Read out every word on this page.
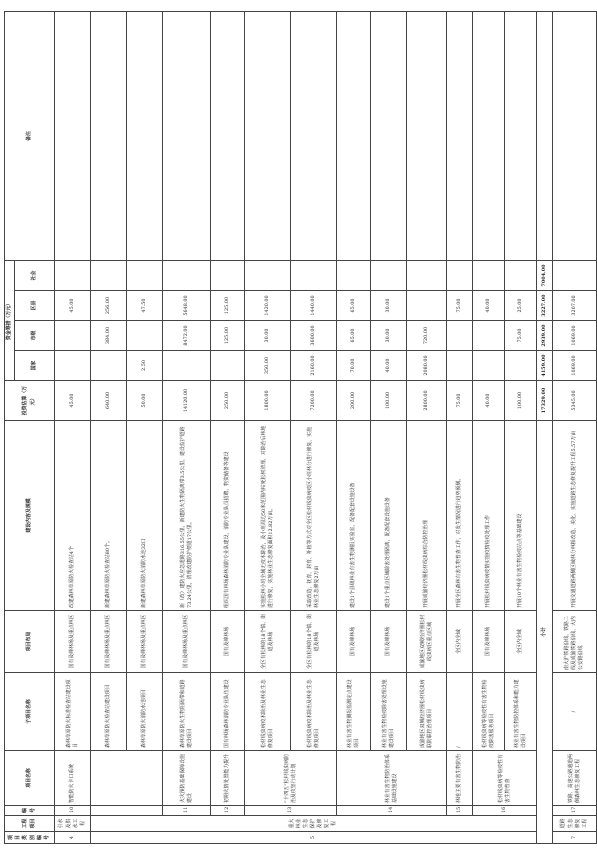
项目类别编号	工程项目	编号	项目名称	子项目名称	项目布局	建设内容及规模	投资估算（万元）	资金筹措（万元）				备注
								国家	市级	区县	社会	
4	引水及供水工程	10	智能防火卡口系统	森林草原防火标准检查站建设项目	国有及峰林场及重点林区	改建森林草原防火检查站4个	45.00			45.00		
5	重大林业生态保护及修复工程			森林草原防火检查站建设项目	国有及峰林场及重点林区	新建森林草原防火检查站80个。	640.00		384.00	256.00		
				森林草原防火消防水池项目	国有及峰林场及重点林区	新建森林草原防火消防水池32口	50.00	2.50		47.50		
		11	火灾预防基础保障设施建设	森林草原防火生物阻隔带和道路建设项目	国有及峰林场及重点林区	新（改）建防火应急道路316.55公里，新建防火生物隔离带3.5公里，建设监护道路73.24公里，清理改建防护便道17公里。	14120.00		8472.00	5648.00		
		12	初期火情处置能力提升	国有林场森林消防专业队伍建设	国有及峰林场	组织国有林场森林消防专业队建设，消防专业队员招聘，物资储备等建设	250.00		125.00	125.00		
		13	“十四五”松材线虫病防治及攻坚行动计划	松材线虫病疫木除治及林业生态修复项目	全区有松林的18个镇、街道及林场	实施松林小班全域无疫木除治，及小班周边50米范围内枯死松树清理，对除治后林地进行修复，实施林业生态修复面积12.82万亩。	1800.00	350.00	30.00	1420.00		
				松材线虫病疫木除治及林业生态修复项目	全区有松林的18个镇、街道及林场	采取改造、抚育、封育、补植等方式对全区松材线虫病疫区小班林分进行修复，实施林业生态修复2万亩	7200.00	2160.00	3600.00	1440.00		
		14	林业有害生物防治体系基础设施建设	林业有害生物测报监测定点建设项目	国有及峰林场	建设1个县级林业有害生物测报实验室，配备配套设施设备	200.00	70.00	65.00	65.00		
				林业有害生物检疫除害处理设施建设项目	国有及峰林场	建设1个重点区域除害处理隔离，配备配套设施设备	100.00	40.00	30.00	30.00		
				成渝地区双城经济圈松材线虫病联防联控治理项目	成渝地区双城经济圈松材线虫病区重点区域	开展成渝经济圈松材线虫病综合防控治理	2800.00	2080.00	720.00			
		15	林地主要有害生物防治	/	全区内全域	开展全区森林有害生物普查工作，对发生情况进行趋势预测。	75.00			75.00		
		16	松材线虫病等检疫性有害生物普查	松材线虫病等检疫性有害生物检疫除害服务项目	国有及峰林场	开展松材线虫病疫情实施疫情检疫处理工作	40.00			40.00		
				林业有害生物防控体系和能力建设项目	全区内全域	开展10个林业有害生物检疫站点等基础建设	100.00		75.00	25.00		
小计							17329.00	4159.00	2939.00	3227.00	7004.00	
7	道路生态修复工程	17	铁路、高速公路通道两侧森林生态修复工程	/	南大沪铁路沿线、铁路二线及成渝铁路沿线、大内公安路沿线	开展交通道路两侧区域林分林相改造、美化、实施道路生态修复提升工程5.57万亩	5345.00	1069.00	1069.00	3207.00		
